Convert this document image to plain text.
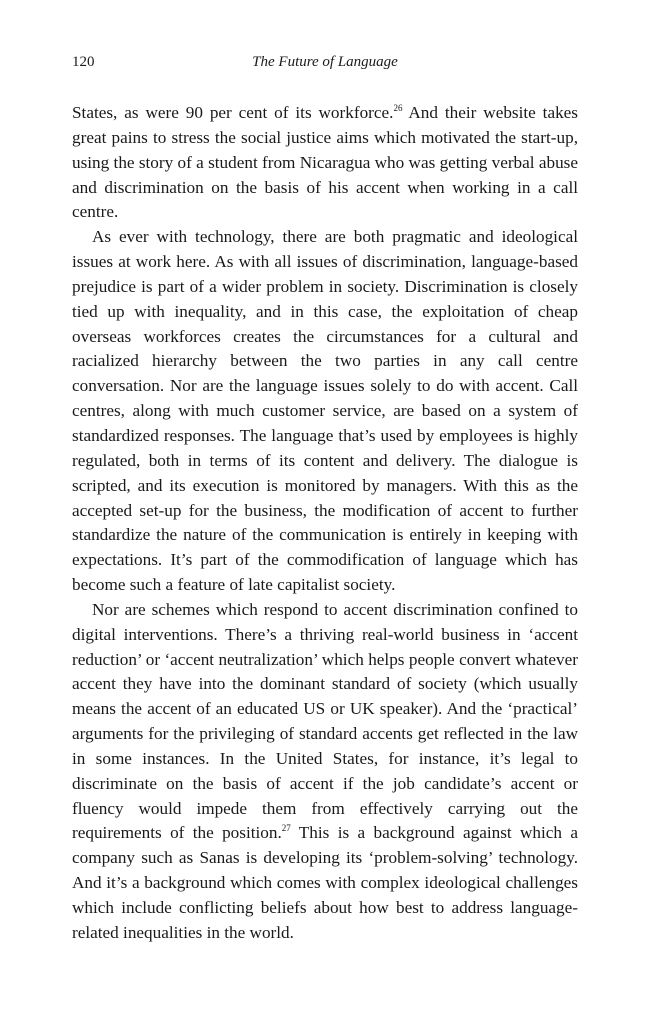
120	The Future of Language

States, as were 90 per cent of its workforce.$^{26}$ And their website takes great pains to stress the social justice aims which motivated the start-up, using the story of a student from Nicaragua who was getting verbal abuse and discrimination on the basis of his accent when working in a call centre.

As ever with technology, there are both pragmatic and ideological issues at work here. As with all issues of discrimination, language-based prejudice is part of a wider problem in society. Discrimination is closely tied up with inequality, and in this case, the exploitation of cheap overseas workforces creates the circumstances for a cultural and racialized hierarchy between the two parties in any call centre conversation. Nor are the language issues solely to do with accent. Call centres, along with much customer service, are based on a system of standardized responses. The language that’s used by employees is highly regulated, both in terms of its content and delivery. The dialogue is scripted, and its execution is monitored by managers. With this as the accepted set-up for the business, the modification of accent to further standardize the nature of the communication is entirely in keeping with expectations. It’s part of the commodification of language which has become such a feature of late capitalist society.

Nor are schemes which respond to accent discrimination confined to digital interventions. There’s a thriving real-world business in ‘accent reduction’ or ‘accent neutralization’ which helps people convert whatever accent they have into the dominant standard of society (which usually means the accent of an educated US or UK speaker). And the ‘practical’ arguments for the privileging of standard accents get reflected in the law in some instances. In the United States, for instance, it’s legal to discriminate on the basis of accent if the job candidate’s accent or fluency would impede them from effectively carrying out the requirements of the position.$^{27}$ This is a background against which a company such as Sanas is developing its ‘problem-solving’ technology. And it’s a background which comes with complex ideological challenges which include conflicting beliefs about how best to address language-related inequalities in the world.
